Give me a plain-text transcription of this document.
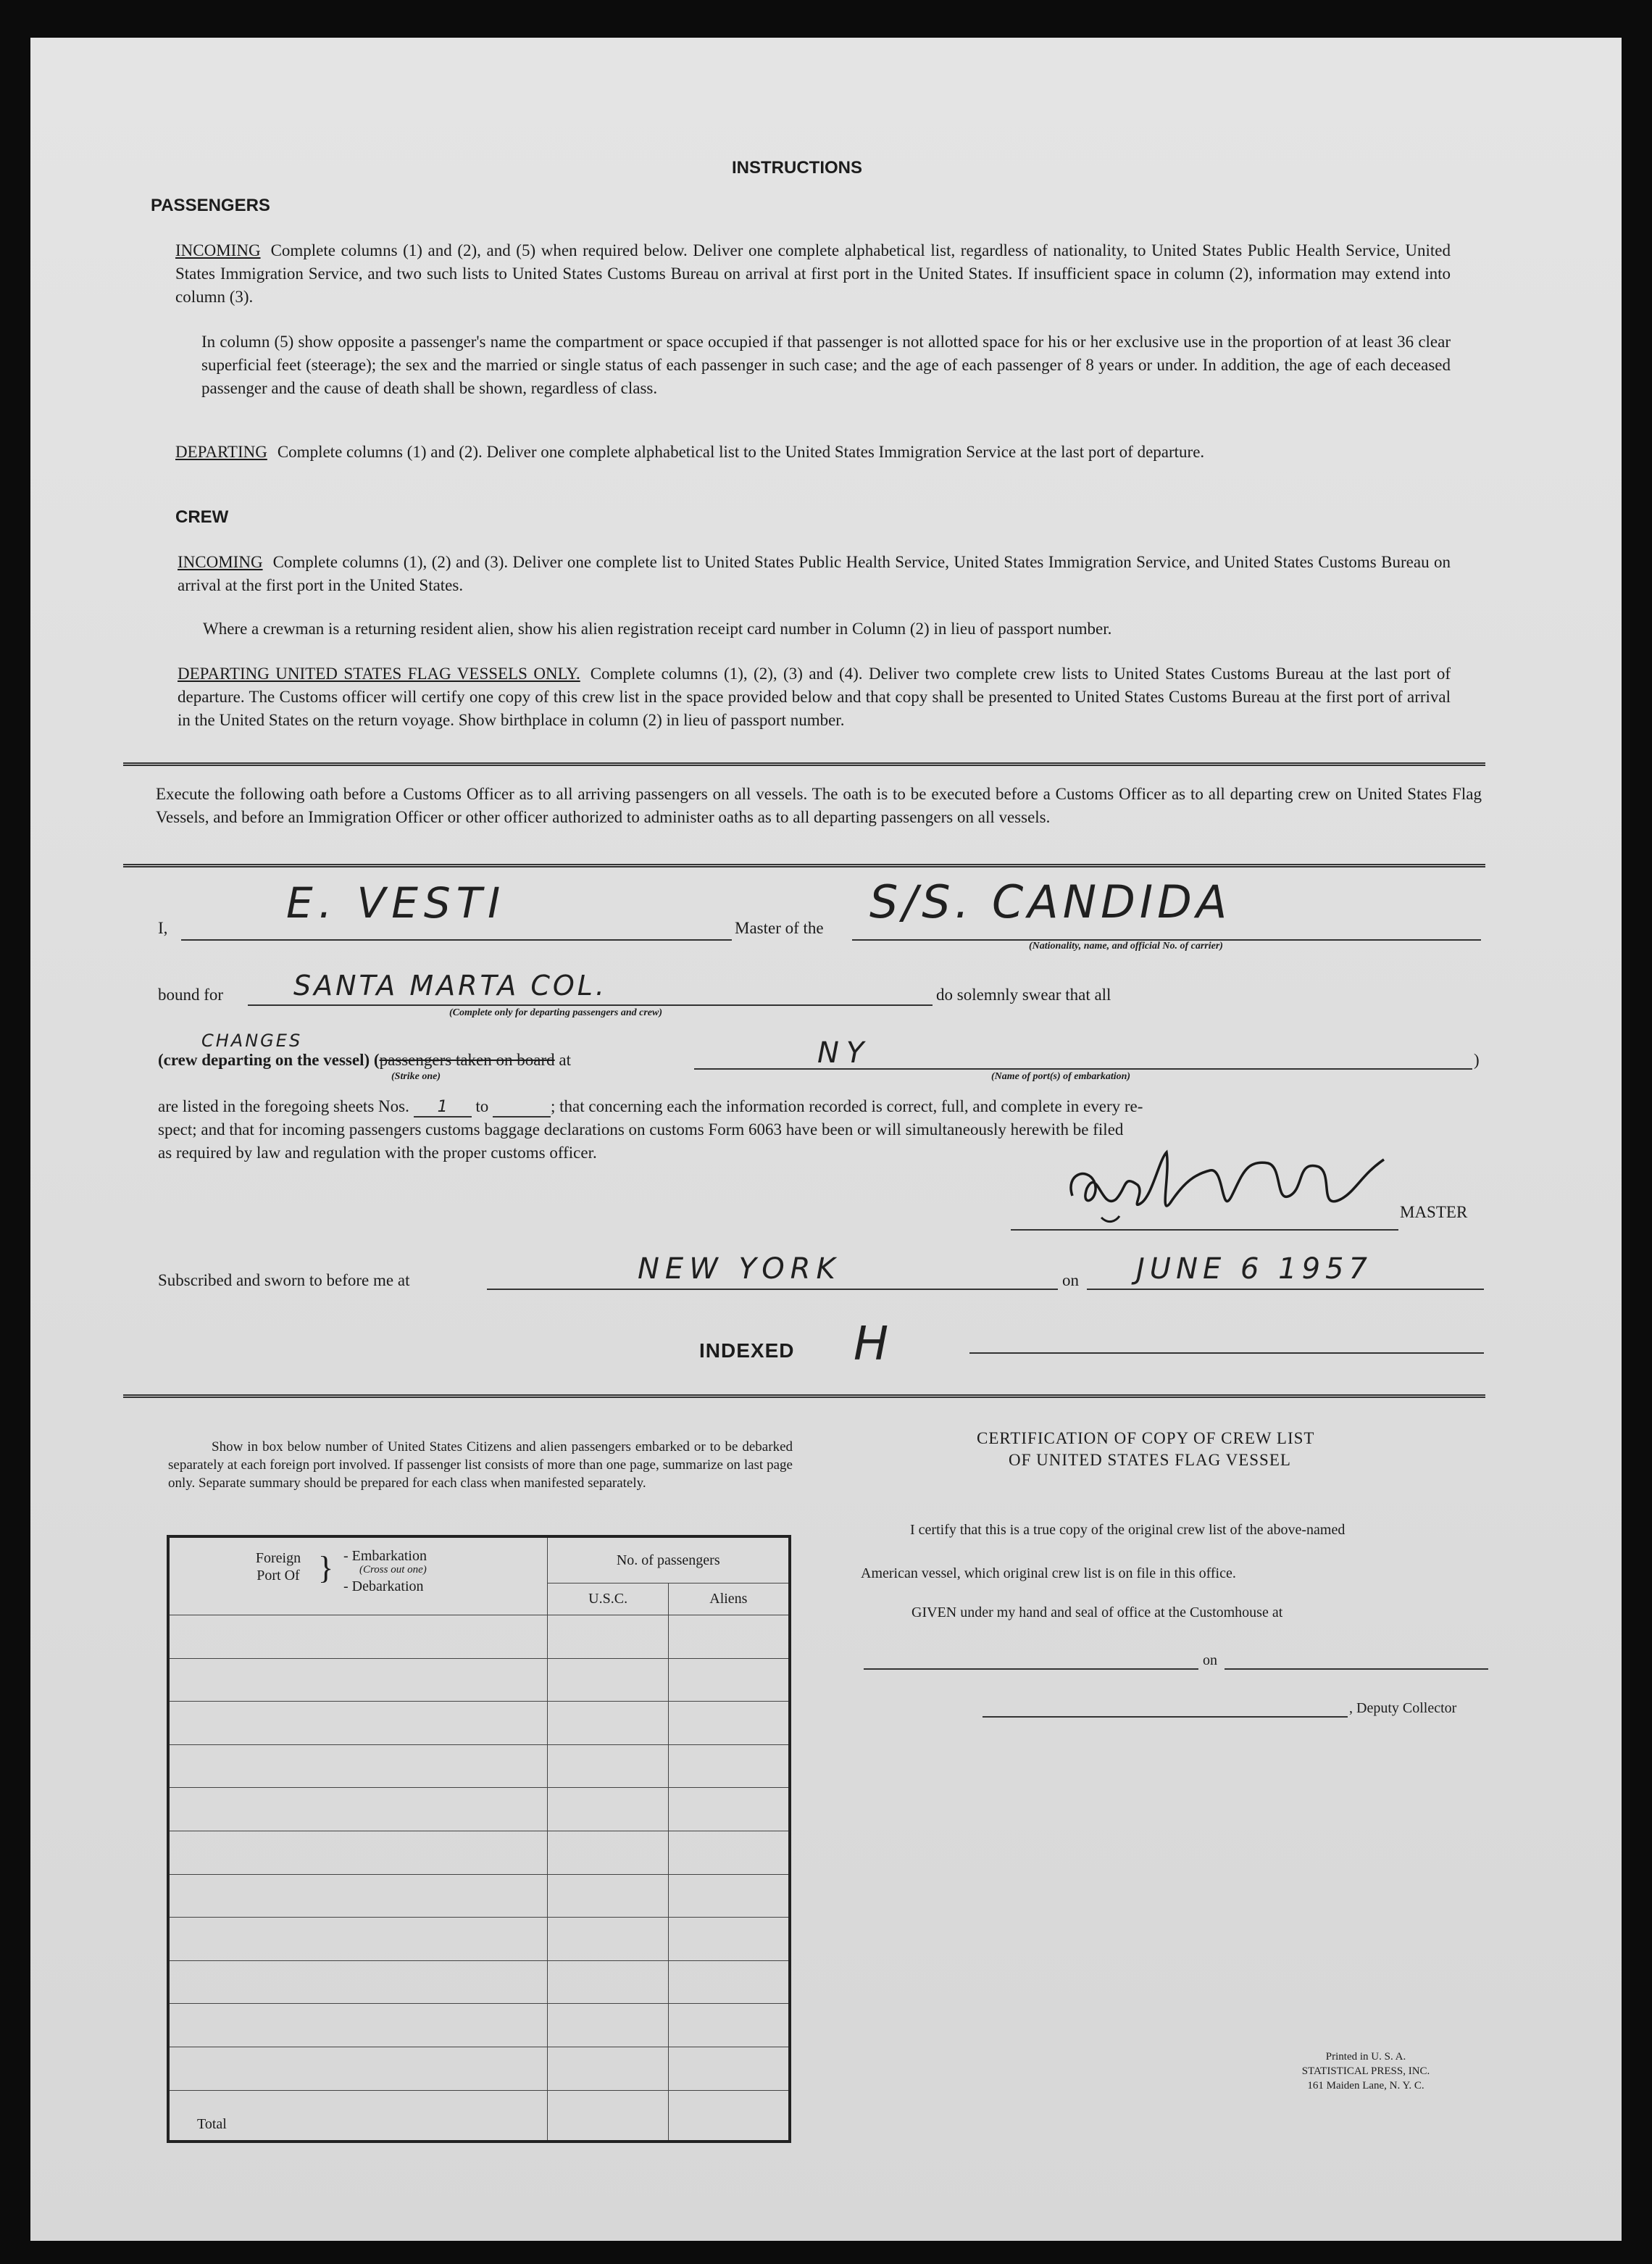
INSTRUCTIONS
PASSENGERS
INCOMING Complete columns (1) and (2), and (5) when required below. Deliver one complete alphabetical list, regardless of nationality, to United States Public Health Service, United States Immigration Service, and two such lists to United States Customs Bureau on arrival at first port in the United States. If insufficient space in column (2), information may extend into column (3).
In column (5) show opposite a passenger's name the compartment or space occupied if that passenger is not allotted space for his or her exclusive use in the proportion of at least 36 clear superficial feet (steerage); the sex and the married or single status of each passenger in such case; and the age of each passenger of 8 years or under. In addition, the age of each deceased passenger and the cause of death shall be shown, regardless of class.
DEPARTING Complete columns (1) and (2). Deliver one complete alphabetical list to the United States Immigration Service at the last port of departure.
CREW
INCOMING Complete columns (1), (2) and (3). Deliver one complete list to United States Public Health Service, United States Immigration Service, and United States Customs Bureau on arrival at the first port in the United States.
Where a crewman is a returning resident alien, show his alien registration receipt card number in Column (2) in lieu of passport number.
DEPARTING UNITED STATES FLAG VESSELS ONLY. Complete columns (1), (2), (3) and (4). Deliver two complete crew lists to United States Customs Bureau at the last port of departure. The Customs officer will certify one copy of this crew list in the space provided below and that copy shall be presented to United States Customs Bureau at the first port of arrival in the United States on the return voyage. Show birthplace in column (2) in lieu of passport number.
Execute the following oath before a Customs Officer as to all arriving passengers on all vessels. The oath is to be executed before a Customs Officer as to all departing crew on United States Flag Vessels, and before an Immigration Officer or other officer authorized to administer oaths as to all departing passengers on all vessels.
I,
E. VESTI
Master of the S/S. CANDIDA
(Nationality, name, and official No. of carrier)
bound for	SANTA MARTA COL.
(Complete only for departing passengers and crew)
do solemnly swear that all
CHANGES
(crew departing on the vessel) (passengers taken on board at	NY	)
(Strike one)	(Name of port(s) of embarkation)
are listed in the foregoing sheets Nos. 1 to	; that concerning each the information recorded is correct, full, and complete in every re-
spect; and that for incoming passengers customs baggage declarations on customs Form 6063 have been or will simultaneously herewith be filed
as required by law and regulation with the proper customs officer.
MASTER
Subscribed and sworn to before me at	NEW YORK	on JUNE 6 1957
INDEXED H
Show in box below number of United States Citizens and alien passengers embarked or to be debarked separately at each foreign port involved. If passenger list consists of more than one page, summarize on last page only. Separate summary should be prepared for each class when manifested separately.
Foreign Port Of } - Embarkation
(Cross out one)
- Debarkation	No. of passengers	
	U.S.C.	Aliens

Total		
CERTIFICATION OF COPY OF CREW LIST
OF UNITED STATES FLAG VESSEL
I certify that this is a true copy of the original crew list of the above-named
American vessel, which original crew list is on file in this office.
GIVEN under my hand and seal of office at the Customhouse at
on
, Deputy Collector
Printed in U. S. A.
STATISTICAL PRESS, INC.
161 Maiden Lane, N. Y. C.
